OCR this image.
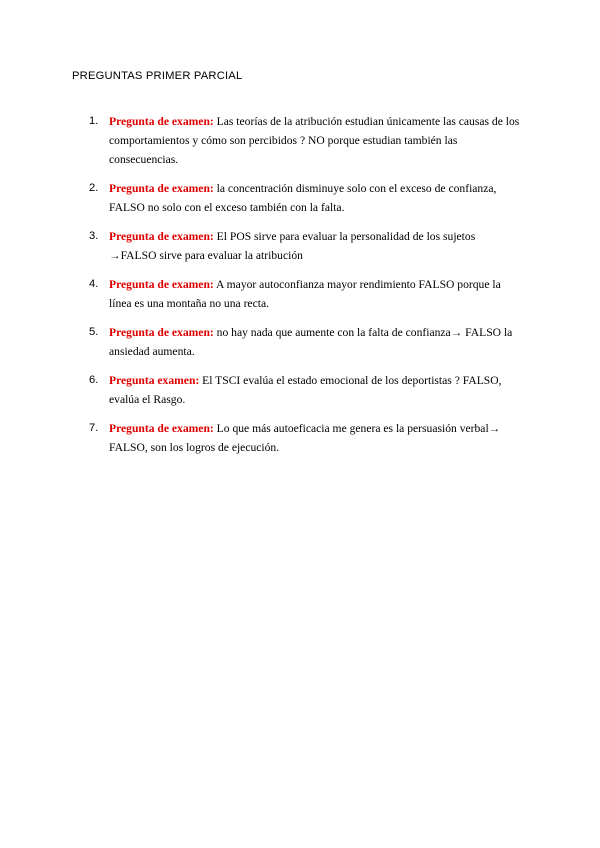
PREGUNTAS PRIMER PARCIAL
1. Pregunta de examen: Las teorías de la atribución estudian únicamente las causas de los comportamientos y cómo son percibidos ? NO porque estudian también las consecuencias.
2. Pregunta de examen: la concentración disminuye solo con el exceso de confianza, FALSO no solo con el exceso también con la falta.
3. Pregunta de examen: El POS sirve para evaluar la personalidad de los sujetos →FALSO sirve para evaluar la atribución
4. Pregunta de examen: A mayor autoconfianza mayor rendimiento FALSO porque la línea es una montaña no una recta.
5. Pregunta de examen: no hay nada que aumente con la falta de confianza→ FALSO la ansiedad aumenta.
6. Pregunta examen: El TSCI evalúa el estado emocional de los deportistas ? FALSO, evalúa el Rasgo.
7. Pregunta de examen: Lo que más autoeficacia me genera es la persuasión verbal→ FALSO, son los logros de ejecución.
